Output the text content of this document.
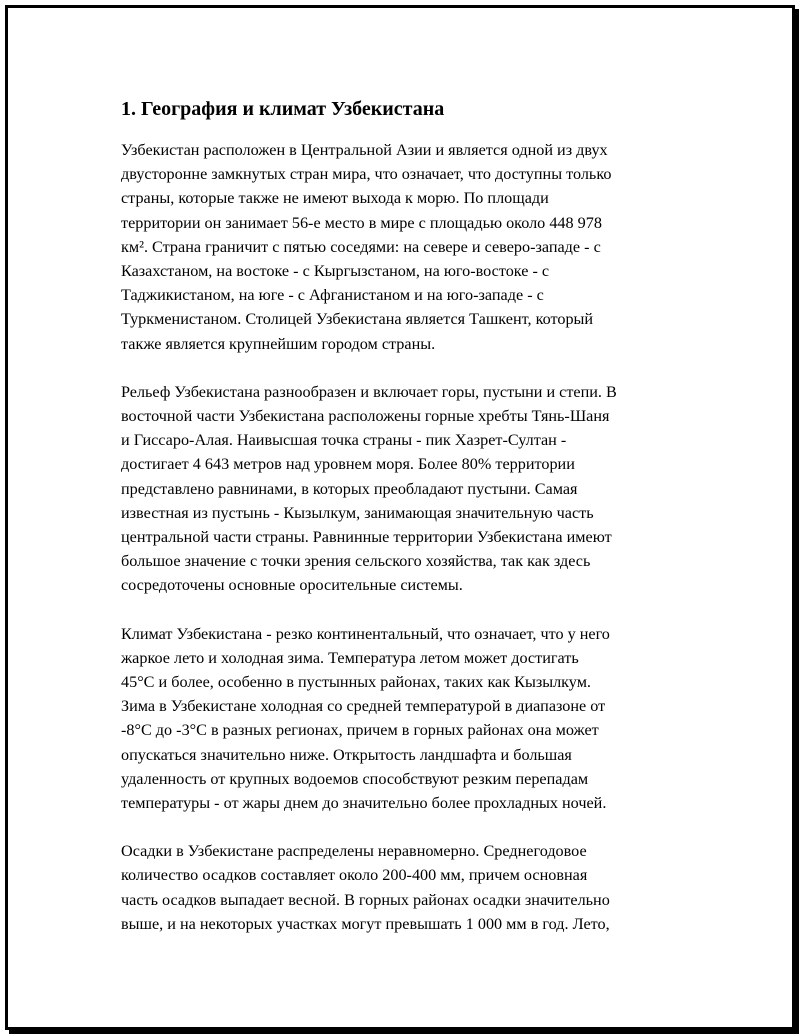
1. География и климат Узбекистана

Узбекистан расположен в Центральной Азии и является одной из двух
двусторонне замкнутых стран мира, что означает, что доступны только
страны, которые также не имеют выхода к морю. По площади
территории он занимает 56-е место в мире с площадью около 448 978
км². Страна граничит с пятью соседями: на севере и северо-западе - с
Казахстаном, на востоке - с Кыргызстаном, на юго-востоке - с
Таджикистаном, на юге - с Афганистаном и на юго-западе - с
Туркменистаном. Столицей Узбекистана является Ташкент, который
также является крупнейшим городом страны.

Рельеф Узбекистана разнообразен и включает горы, пустыни и степи. В
восточной части Узбекистана расположены горные хребты Тянь-Шаня
и Гиссаро-Алая. Наивысшая точка страны - пик Хазрет-Султан -
достигает 4 643 метров над уровнем моря. Более 80% территории
представлено равнинами, в которых преобладают пустыни. Самая
известная из пустынь - Кызылкум, занимающая значительную часть
центральной части страны. Равнинные территории Узбекистана имеют
большое значение с точки зрения сельского хозяйства, так как здесь
сосредоточены основные оросительные системы.

Климат Узбекистана - резко континентальный, что означает, что у него
жаркое лето и холодная зима. Температура летом может достигать
45°C и более, особенно в пустынных районах, таких как Кызылкум.
Зима в Узбекистане холодная со средней температурой в диапазоне от
-8°C до -3°C в разных регионах, причем в горных районах она может
опускаться значительно ниже. Открытость ландшафта и большая
удаленность от крупных водоемов способствуют резким перепадам
температуры - от жары днем до значительно более прохладных ночей.

Осадки в Узбекистане распределены неравномерно. Среднегодовое
количество осадков составляет около 200-400 мм, причем основная
часть осадков выпадает весной. В горных районах осадки значительно
выше, и на некоторых участках могут превышать 1 000 мм в год. Лето,
